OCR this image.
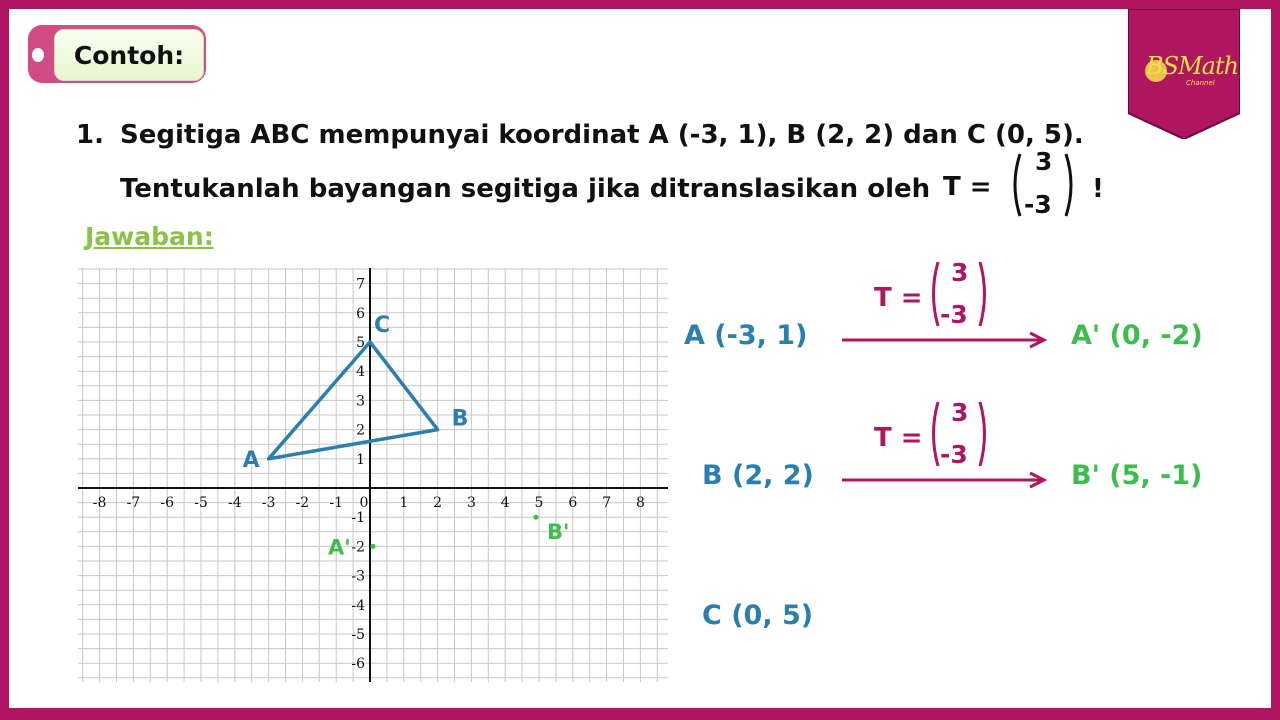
Contoh:	BSMath
Channel
1. Segitiga ABC mempunyai koordinat A (-3, 1), B (2, 2) dan C (0, 5).
Tentukanlah bayangan segitiga jika ditranslasikan oleh T =
3
-3
!
Jawaban:
-8 -7 -6 -5 -4 -3 -2 -1 0 1 2 3 4 5 6 7 8
7
6
5
4
3
2
1
-1
-2
-3
-4
-5
-6
A
B
C
A'
B'
A (-3, 1)
T =
3
-3
A' (0, -2)
B (2, 2)
T =
3
-3
B' (5, -1)
C (0, 5)
